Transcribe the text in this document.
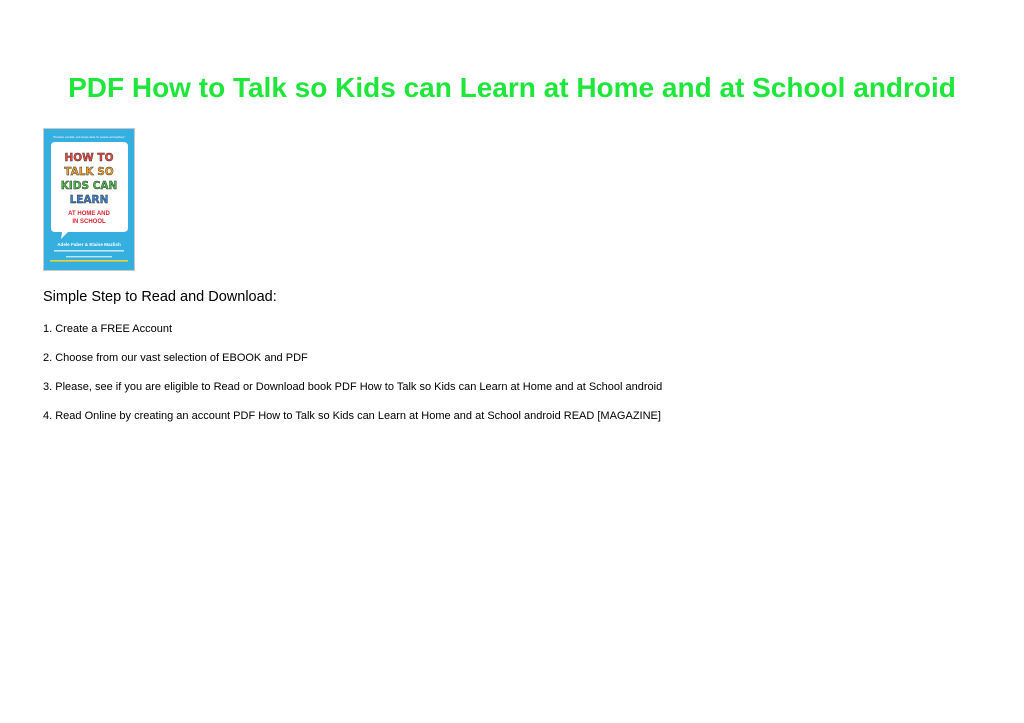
PDF How to Talk so Kids can Learn at Home and at School android
"Practical, sensible, and simple ideas for parents and teachers"
HOW TO
TALK SO
KIDS CAN
LEARN
AT HOME AND
IN SCHOOL
Adele Faber & Elaine Mazlish

Simple Step to Read and Download:

1. Create a FREE Account

2. Choose from our vast selection of EBOOK and PDF

3. Please, see if you are eligible to Read or Download book PDF How to Talk so Kids can Learn at Home and at School android

4. Read Online by creating an account PDF How to Talk so Kids can Learn at Home and at School android READ [MAGAZINE]
